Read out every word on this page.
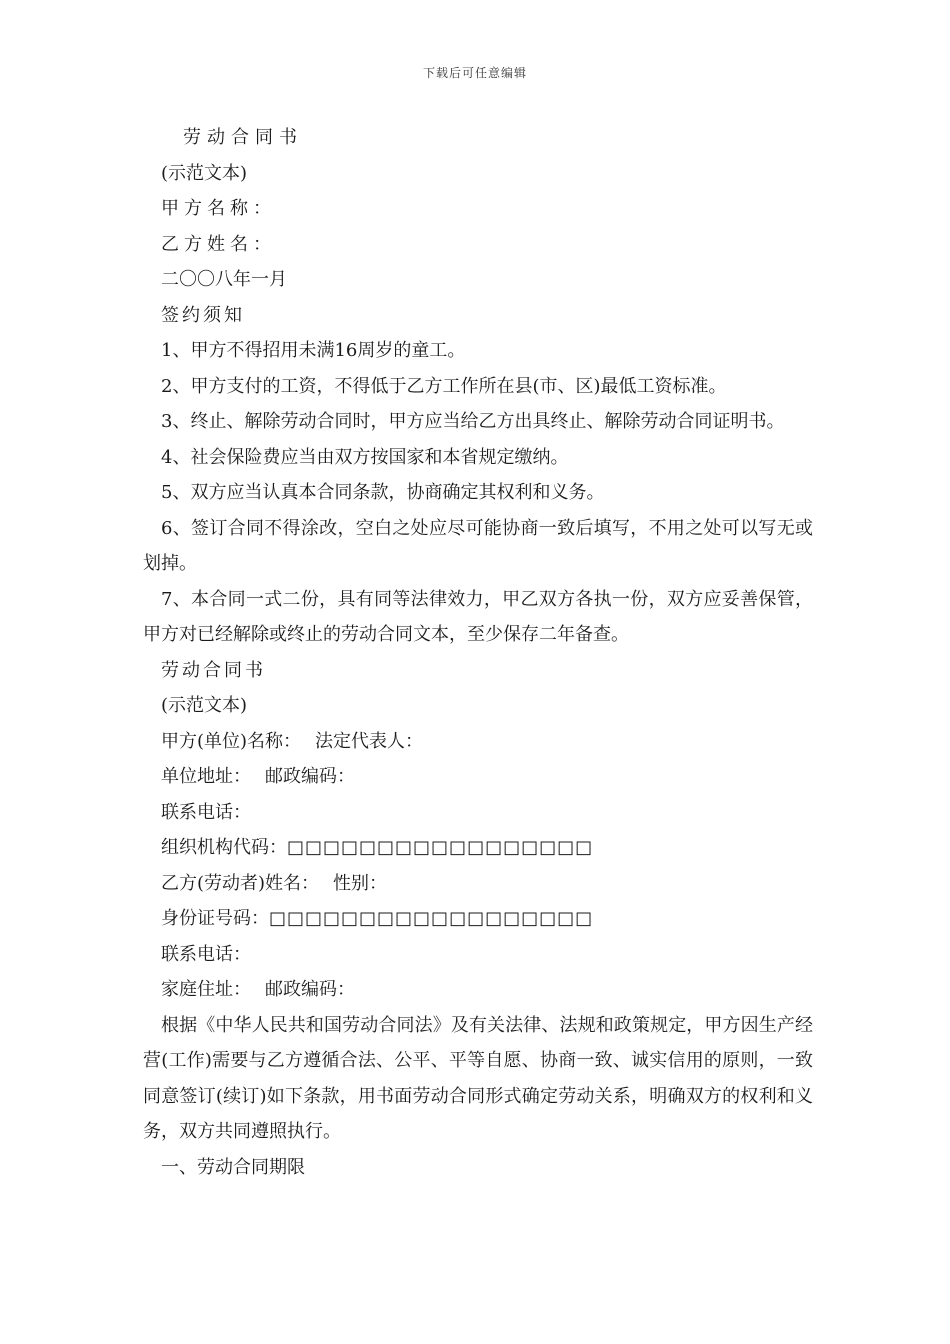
下载后可任意编辑
劳动合同书
(示范文本)
甲方名称：
乙方姓名：
二〇〇八年一月
签约须知
1、甲方不得招用未满16周岁的童工。
2、甲方支付的工资，不得低于乙方工作所在县(市、区)最低工资标准。
3、终止、解除劳动合同时，甲方应当给乙方出具终止、解除劳动合同证明书。
4、社会保险费应当由双方按国家和本省规定缴纳。
5、双方应当认真本合同条款，协商确定其权利和义务。
6、签订合同不得涂改，空白之处应尽可能协商一致后填写，不用之处可以写无或划掉。
7、本合同一式二份，具有同等法律效力，甲乙双方各执一份，双方应妥善保管，甲方对已经解除或终止的劳动合同文本，至少保存二年备查。
劳动合同书
(示范文本)
甲方(单位)名称： 法定代表人：
单位地址： 邮政编码：
联系电话：
组织机构代码：□□□□□□□□□□□□□□□□□
乙方(劳动者)姓名： 性别：
身份证号码：□□□□□□□□□□□□□□□□□□
联系电话：
家庭住址： 邮政编码：
根据《中华人民共和国劳动合同法》及有关法律、法规和政策规定，甲方因生产经营(工作)需要与乙方遵循合法、公平、平等自愿、协商一致、诚实信用的原则，一致同意签订(续订)如下条款，用书面劳动合同形式确定劳动关系，明确双方的权利和义务，双方共同遵照执行。
一、劳动合同期限
